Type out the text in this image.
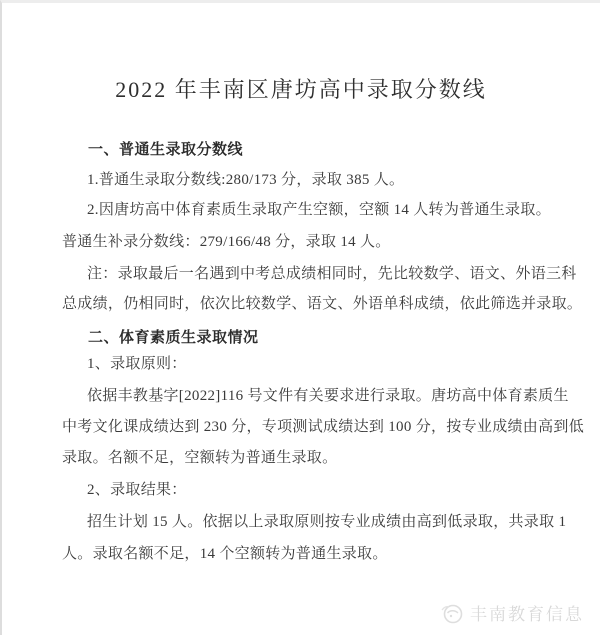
2022 年丰南区唐坊高中录取分数线
一、普通生录取分数线
1.普通生录取分数线:280/173 分，录取 385 人。
2.因唐坊高中体育素质生录取产生空额，空额 14 人转为普通生录取。
普通生补录分数线：279/166/48 分，录取 14 人。
注：录取最后一名遇到中考总成绩相同时，先比较数学、语文、外语三科
总成绩，仍相同时，依次比较数学、语文、外语单科成绩，依此筛选并录取。
二、体育素质生录取情况
1、录取原则：
依据丰教基字[2022]116 号文件有关要求进行录取。唐坊高中体育素质生
中考文化课成绩达到 230 分，专项测试成绩达到 100 分，按专业成绩由高到低
录取。名额不足，空额转为普通生录取。
2、录取结果：
招生计划 15 人。依据以上录取原则按专业成绩由高到低录取，共录取 1
人。录取名额不足，14 个空额转为普通生录取。
丰南教育信息
